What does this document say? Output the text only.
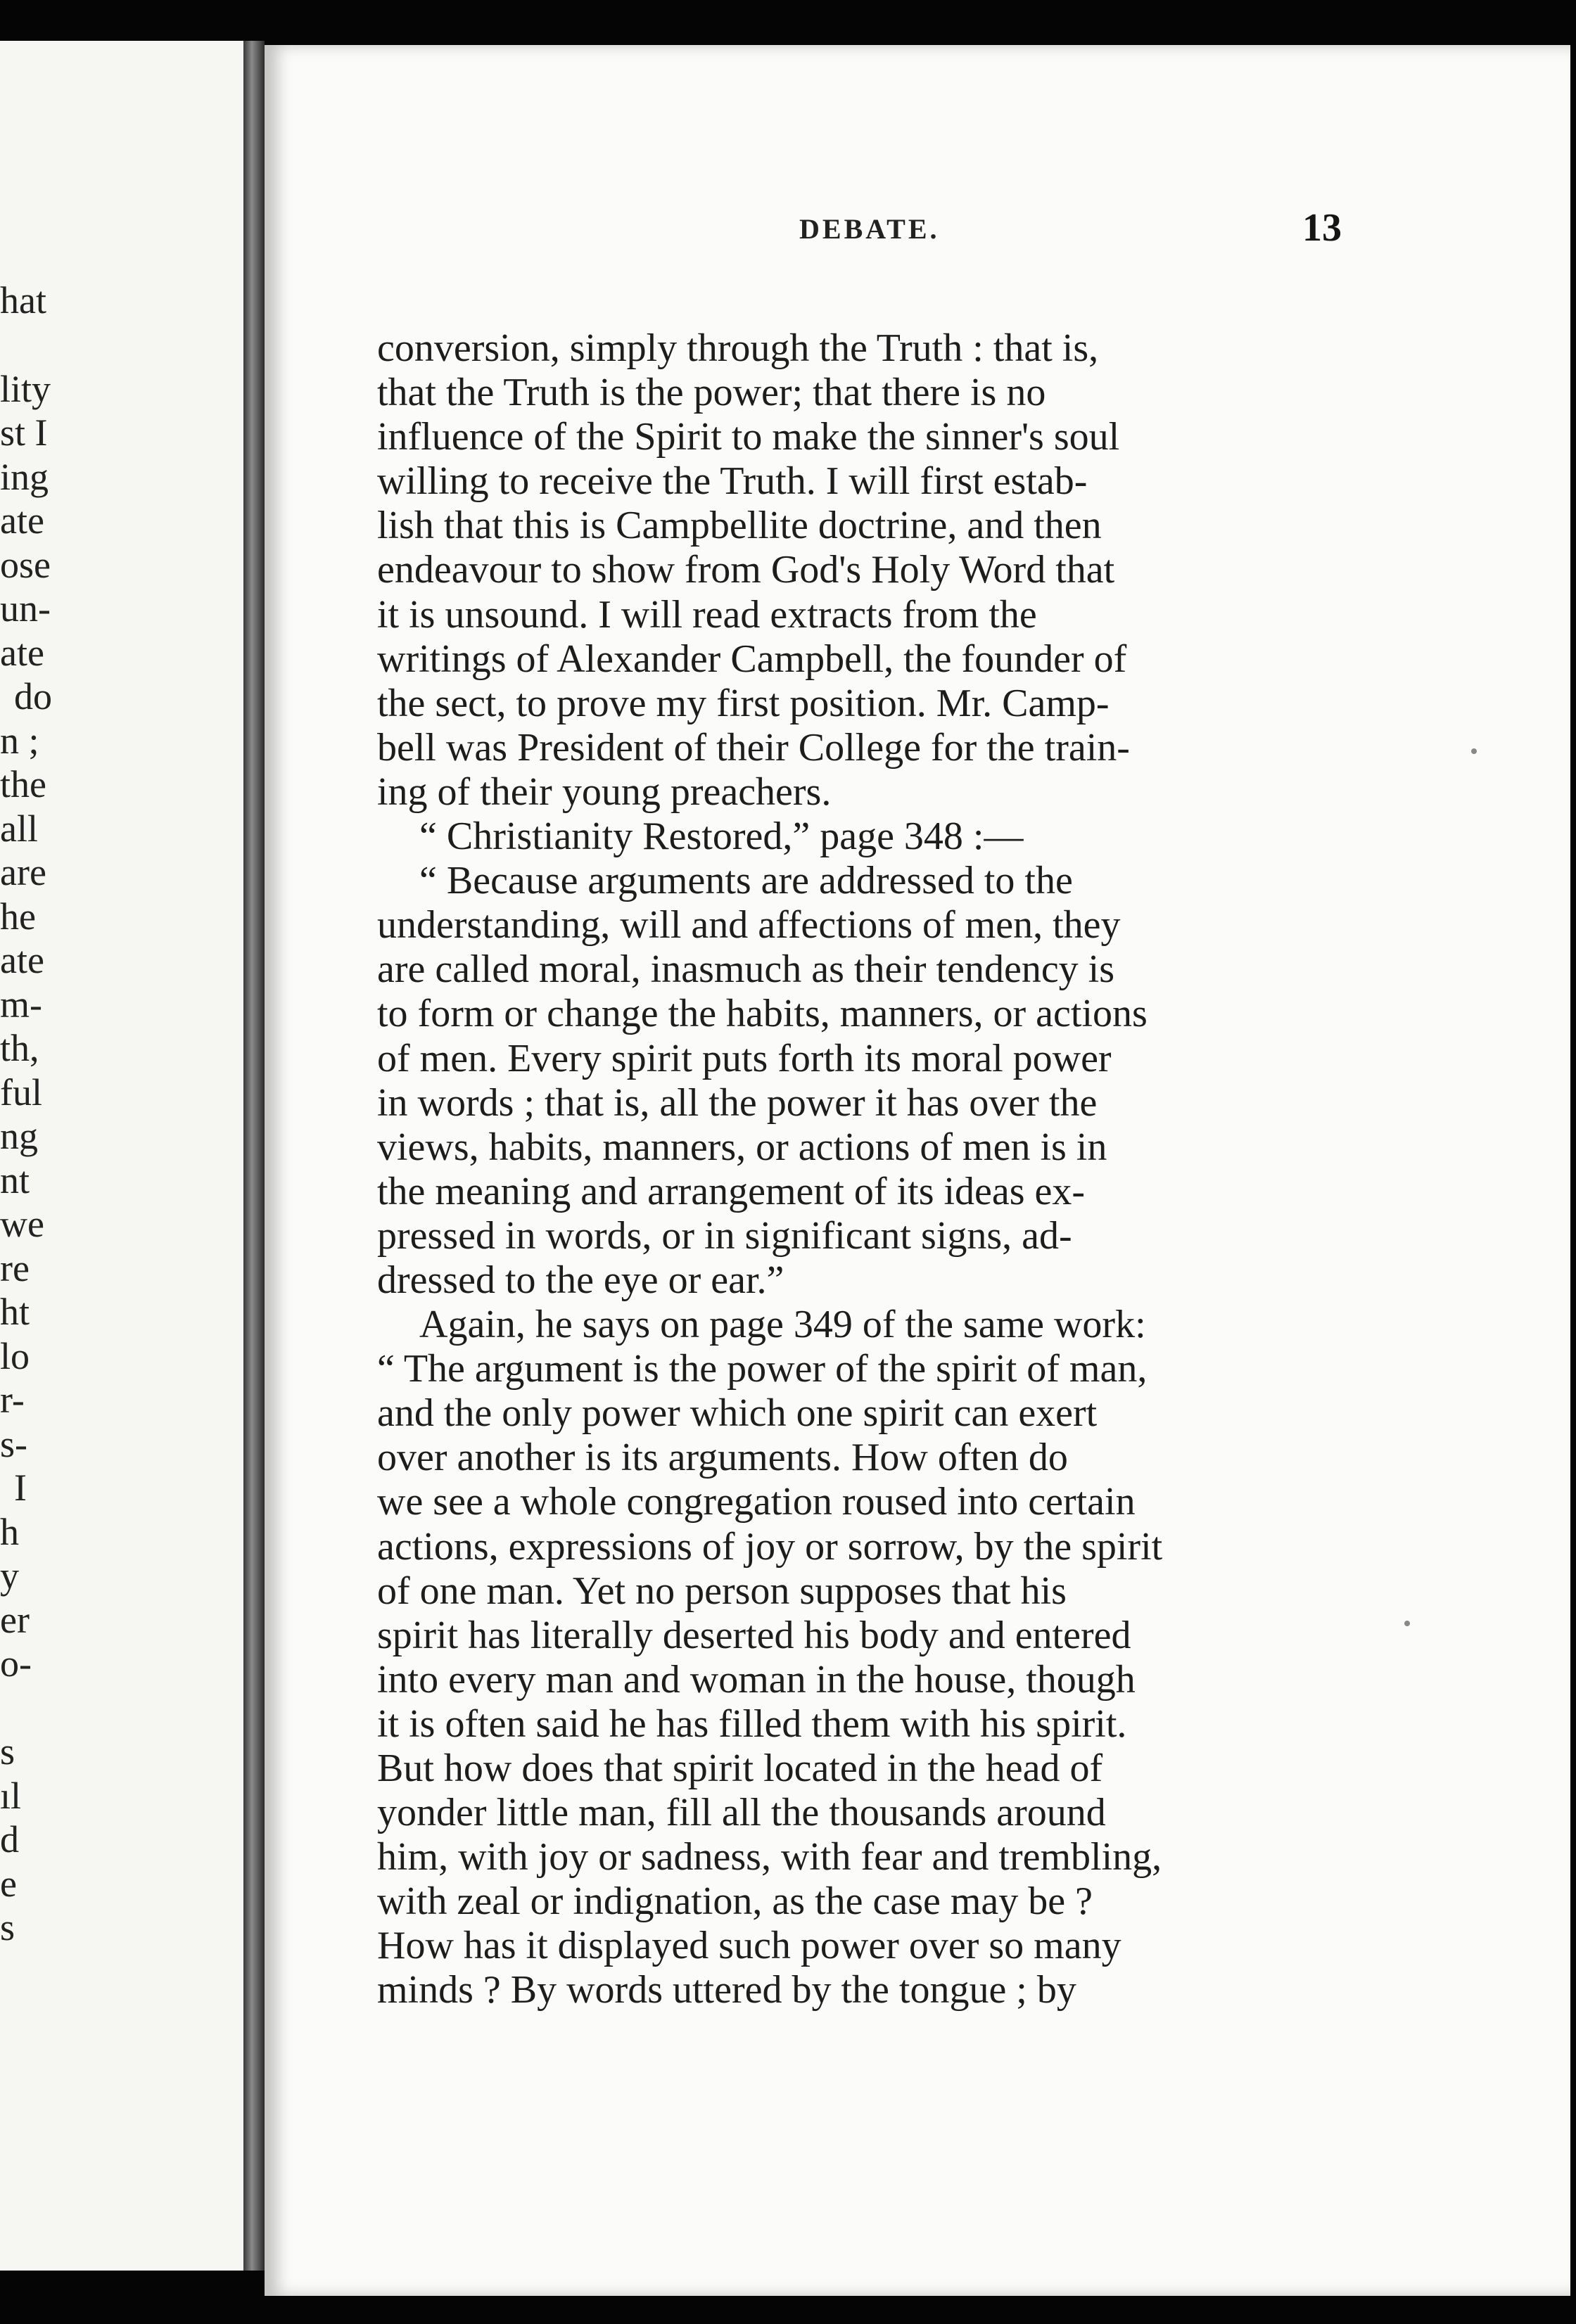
hat
lity
st I
ing
ate
ose
un-
ate
do
n ;
the
all
are
he
ate
m-
th,
ful
ng
nt
we
re
ht
lo
r-
s-
I
h
y
er
o-
s
ıl
d
e
s
DEBATE.	13
conversion, simply through the Truth : that is,
that the Truth is the power; that there is no
influence of the Spirit to make the sinner's soul
willing to receive the Truth. I will first estab-
lish that this is Campbellite doctrine, and then
endeavour to show from God's Holy Word that
it is unsound. I will read extracts from the
writings of Alexander Campbell, the founder of
the sect, to prove my first position. Mr. Camp-
bell was President of their College for the train-
ing of their young preachers.
“ Christianity Restored,” page 348 :—
“ Because arguments are addressed to the
understanding, will and affections of men, they
are called moral, inasmuch as their tendency is
to form or change the habits, manners, or actions
of men. Every spirit puts forth its moral power
in words ; that is, all the power it has over the
views, habits, manners, or actions of men is in
the meaning and arrangement of its ideas ex-
pressed in words, or in significant signs, ad-
dressed to the eye or ear.”
Again, he says on page 349 of the same work:
“ The argument is the power of the spirit of man,
and the only power which one spirit can exert
over another is its arguments. How often do
we see a whole congregation roused into certain
actions, expressions of joy or sorrow, by the spirit
of one man. Yet no person supposes that his
spirit has literally deserted his body and entered
into every man and woman in the house, though
it is often said he has filled them with his spirit.
But how does that spirit located in the head of
yonder little man, fill all the thousands around
him, with joy or sadness, with fear and trembling,
with zeal or indignation, as the case may be ?
How has it displayed such power over so many
minds ? By words uttered by the tongue ; by
